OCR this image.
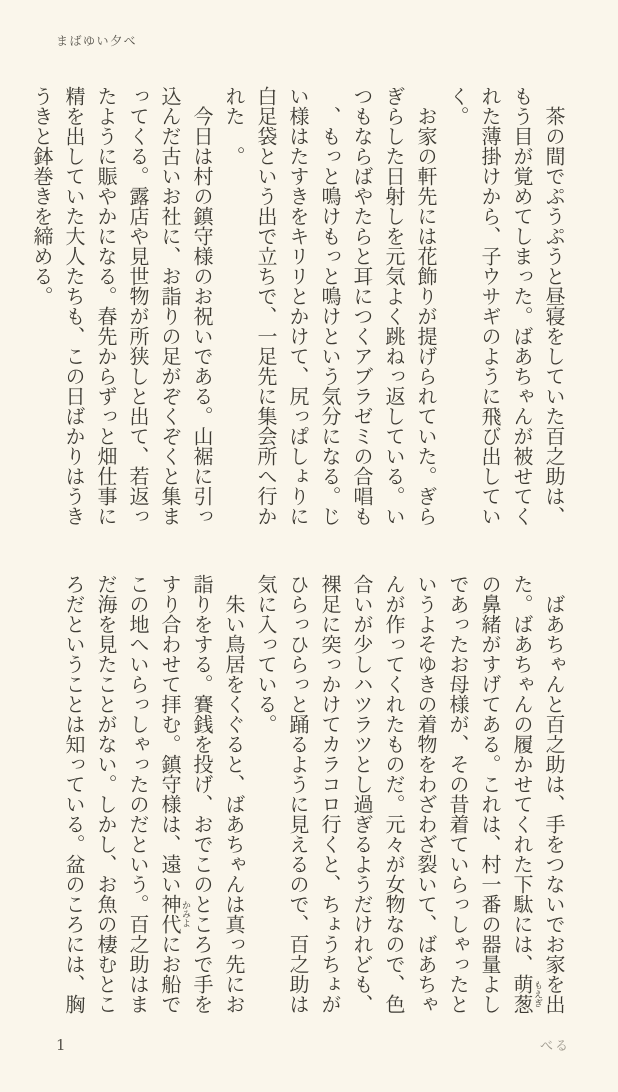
まばゆい夕べ

茶の間でぷうぷうと昼寝をしていた百之助は、もう目が覚めてしまった。ばあちゃんが被せてくれた薄掛けから、子ウサギのように飛び出していく。

お家の軒先には花飾りが提げられていた。ぎらぎらした日射しを元気よく跳ねっ返している。いつもならばやたらと耳につくアブラゼミの合唱も、もっと鳴けもっと鳴けという気分になる。じい様はたすきをキリリとかけて、尻っぱしょりに白足袋という出で立ちで、一足先に集会所へ行かれた。

今日は村の鎮守様のお祝いである。山裾に引っ込んだ古いお社に、お詣りの足がぞくぞくと集まってくる。露店や見世物が所狭しと出て、若返ったように賑やかになる。春先からずっと畑仕事に精を出していた大人たちも、この日ばかりはうきうきと鉢巻きを締める。

ばあちゃんと百之助は、手をつないでお家を出た。ばあちゃんの履かせてくれた下駄には、萌葱もえぎの鼻緒がすげてある。これは、村一番の器量よしであったお母様が、その昔着ていらっしゃったというよそゆきの着物をわざわざ裂いて、ばあちゃんが作ってくれたものだ。元々が女物なので、色合いが少しハツラツとし過ぎるようだけれども、裸足に突っかけてカラコロ行くと、ちょうちょがひらっひらっと踊るように見えるので、百之助は気に入っている。

朱い鳥居をくぐると、ばあちゃんは真っ先にお詣りをする。賽銭を投げ、おでこのところで手をすり合わせて拝む。鎮守様は、遠い神代かみよにお船でこの地へいらっしゃったのだという。百之助はまだ海を見たことがない。しかし、お魚の棲むところだということは知っている。盆のころには、胸

1	べる
